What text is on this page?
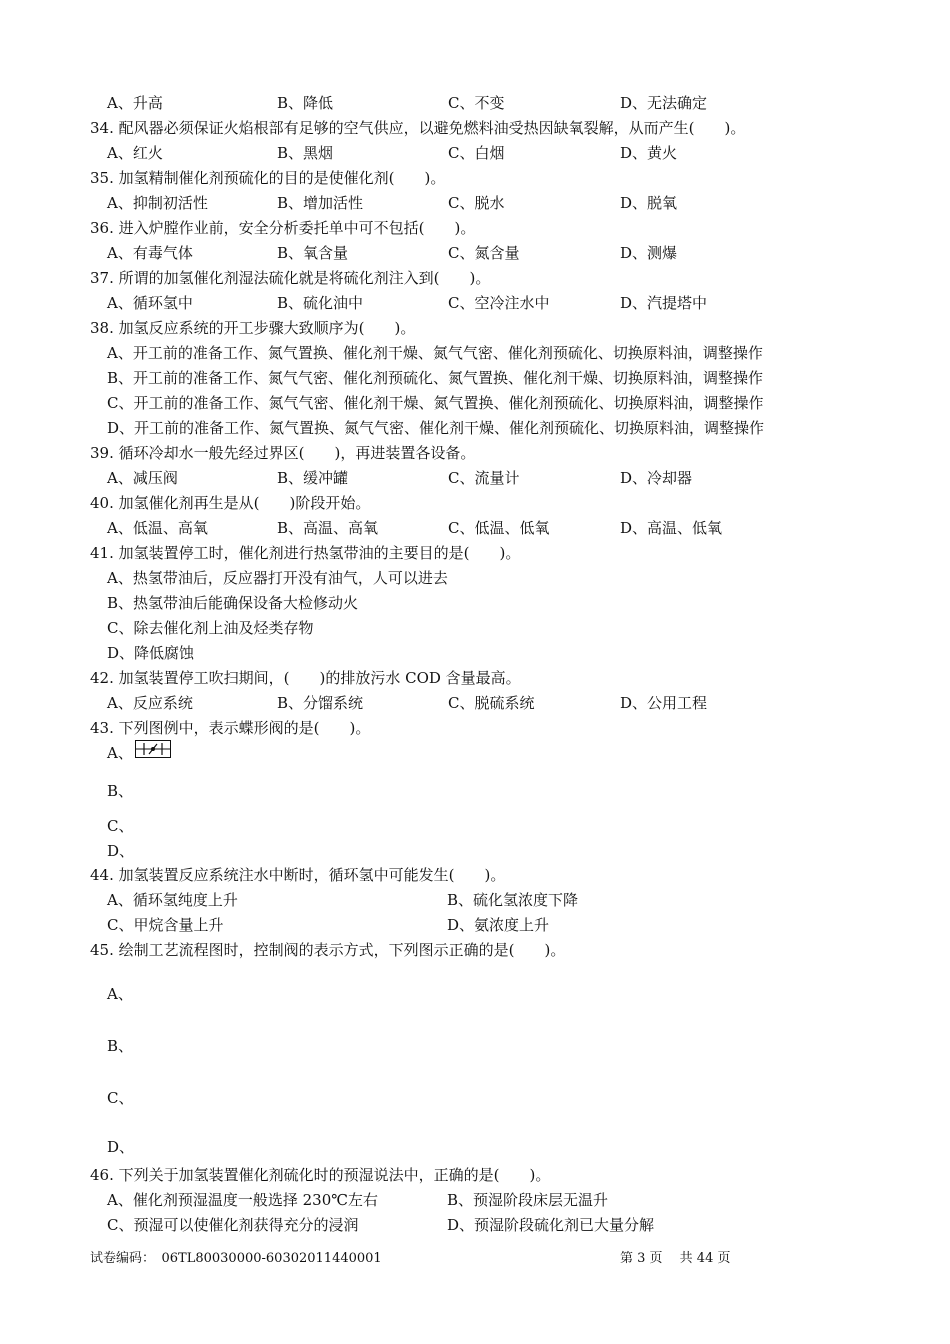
A、升高	B、降低	C、不变	D、无法确定
34. 配风器必须保证火焰根部有足够的空气供应，以避免燃料油受热因缺氧裂解，从而产生(　　)。
A、红火	B、黑烟	C、白烟	D、黄火
35. 加氢精制催化剂预硫化的目的是使催化剂(　　)。
A、抑制初活性	B、增加活性	C、脱水	D、脱氧
36. 进入炉膛作业前，安全分析委托单中可不包括(　　)。
A、有毒气体	B、氧含量	C、氮含量	D、测爆
37. 所谓的加氢催化剂湿法硫化就是将硫化剂注入到(　　)。
A、循环氢中	B、硫化油中	C、空冷注水中	D、汽提塔中
38. 加氢反应系统的开工步骤大致顺序为(　　)。
A、开工前的准备工作、氮气置换、催化剂干燥、氮气气密、催化剂预硫化、切换原料油，调整操作
B、开工前的准备工作、氮气气密、催化剂预硫化、氮气置换、催化剂干燥、切换原料油，调整操作
C、开工前的准备工作、氮气气密、催化剂干燥、氮气置换、催化剂预硫化、切换原料油，调整操作
D、开工前的准备工作、氮气置换、氮气气密、催化剂干燥、催化剂预硫化、切换原料油，调整操作
39. 循环冷却水一般先经过界区(　　)，再进装置各设备。
A、减压阀	B、缓冲罐	C、流量计	D、冷却器
40. 加氢催化剂再生是从(　　)阶段开始。
A、低温、高氧	B、高温、高氧	C、低温、低氧	D、高温、低氧
41. 加氢装置停工时，催化剂进行热氢带油的主要目的是(　　)。
A、热氢带油后，反应器打开没有油气，人可以进去
B、热氢带油后能确保设备大检修动火
C、除去催化剂上油及烃类存物
D、降低腐蚀
42. 加氢装置停工吹扫期间，(　　)的排放污水 COD 含量最高。
A、反应系统	B、分馏系统	C、脱硫系统	D、公用工程
43. 下列图例中，表示蝶形阀的是(　　)。
A、
B、
C、
D、
44. 加氢装置反应系统注水中断时，循环氢中可能发生(　　)。
A、循环氢纯度上升	B、硫化氢浓度下降
C、甲烷含量上升	D、氨浓度上升
45. 绘制工艺流程图时，控制阀的表示方式，下列图示正确的是(　　)。
A、
B、
C、
D、
46. 下列关于加氢装置催化剂硫化时的预湿说法中，正确的是(　　)。
A、催化剂预湿温度一般选择 230℃左右	B、预湿阶段床层无温升
C、预湿可以使催化剂获得充分的浸润	D、预湿阶段硫化剂已大量分解
试卷编码：　06TL80030000-60302011440001	第 3 页　 共 44 页
